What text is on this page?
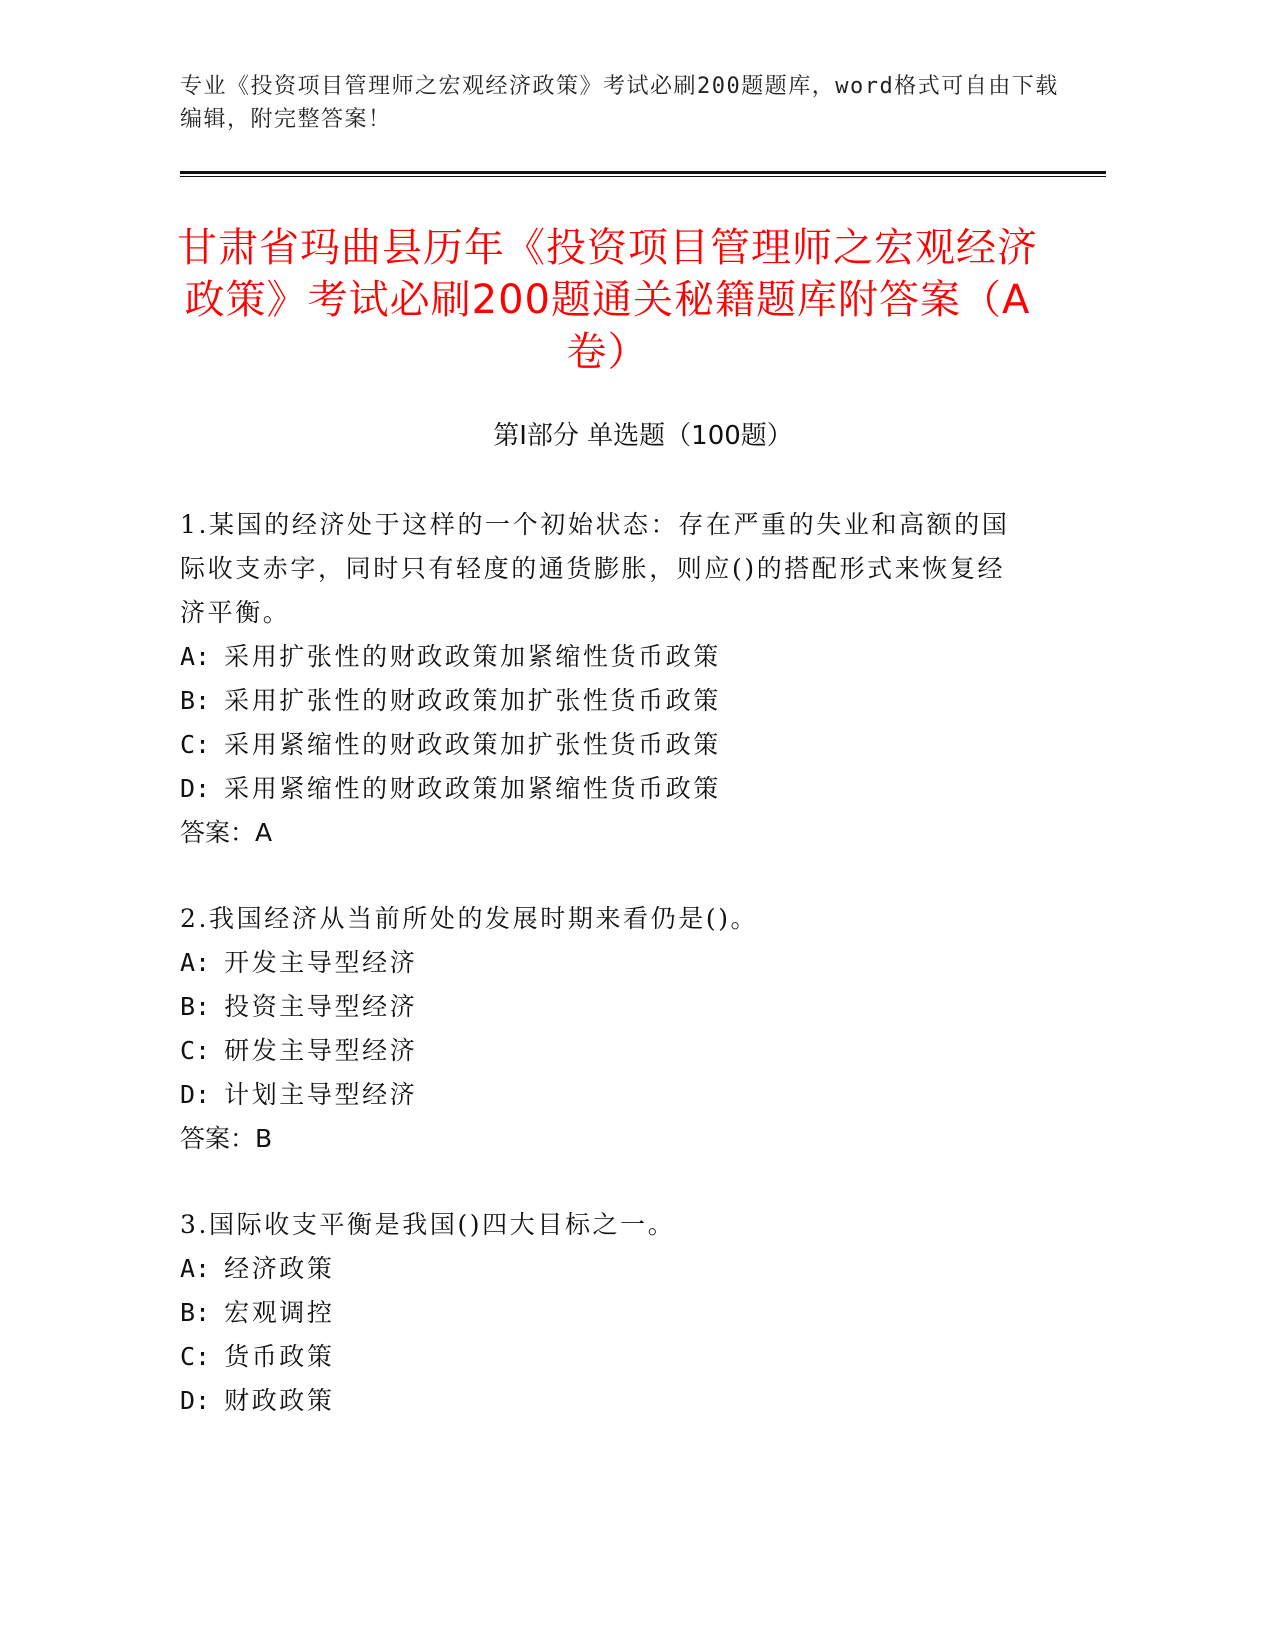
专业《投资项目管理师之宏观经济政策》考试必刷200题题库，word格式可自由下载编辑，附完整答案！
甘肃省玛曲县历年《投资项目管理师之宏观经济政策》考试必刷200题通关秘籍题库附答案（A卷）
第I部分 单选题（100题）

1.某国的经济处于这样的一个初始状态：存在严重的失业和高额的国际收支赤字，同时只有轻度的通货膨胀，则应()的搭配形式来恢复经济平衡。

A: 采用扩张性的财政政策加紧缩性货币政策

B: 采用扩张性的财政政策加扩张性货币政策

C: 采用紧缩性的财政政策加扩张性货币政策

D: 采用紧缩性的财政政策加紧缩性货币政策

答案：A

2.我国经济从当前所处的发展时期来看仍是()。

A: 开发主导型经济

B: 投资主导型经济

C: 研发主导型经济

D: 计划主导型经济

答案：B

3.国际收支平衡是我国()四大目标之一。

A: 经济政策

B: 宏观调控

C: 货币政策

D: 财政政策
